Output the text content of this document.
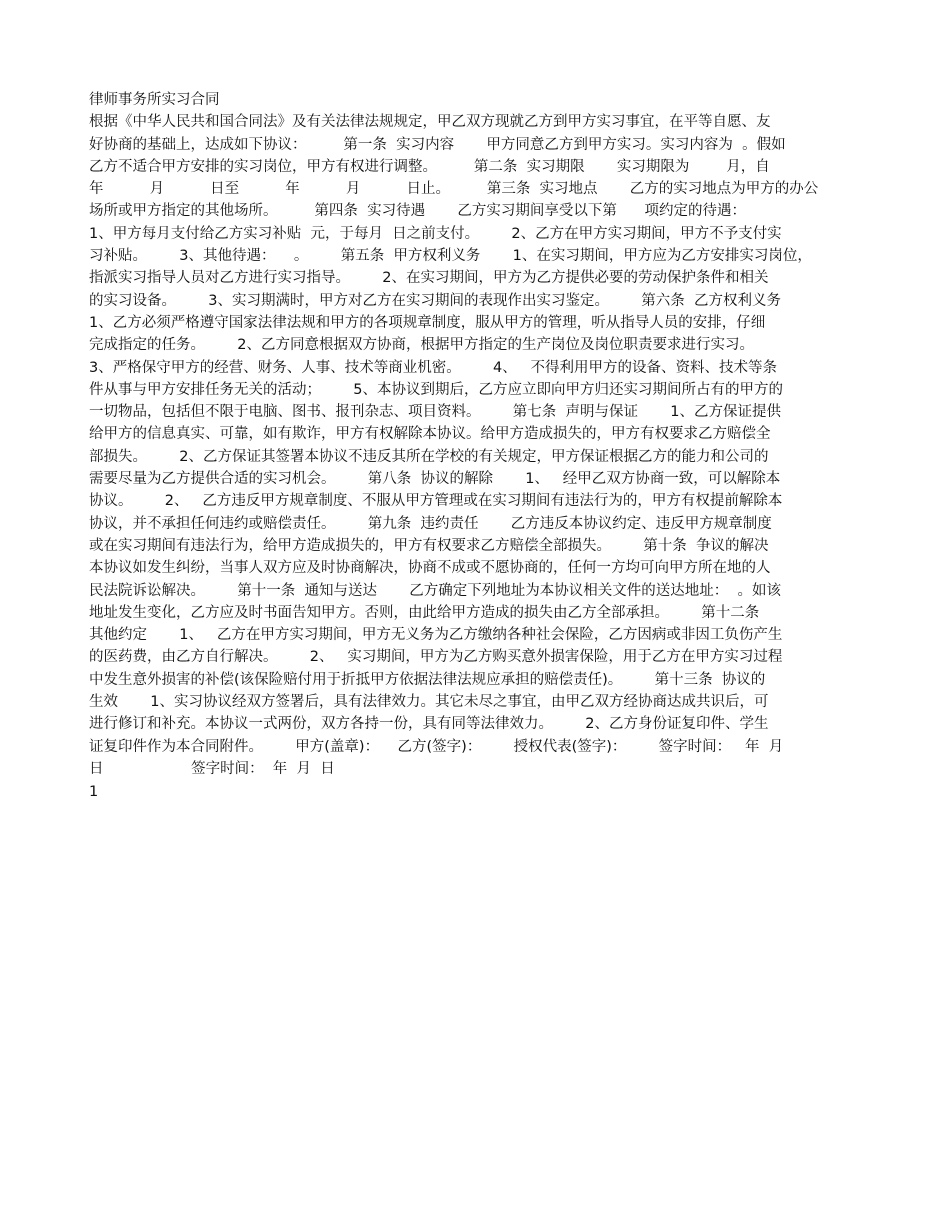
律师事务所实习合同
根据《中华人民共和国合同法》及有关法律法规规定，甲乙双方现就乙方到甲方实习事宜，在平等自愿、友
好协商的基础上，达成如下协议：        第一条  实习内容       甲方同意乙方到甲方实习。实习内容为  。假如
乙方不适合甲方安排的实习岗位，甲方有权进行调整。        第二条  实习期限       实习期限为        月，自
年          月          日至          年          月          日止。        第三条  实习地点       乙方的实习地点为甲方的办公
场所或甲方指定的其他场所。        第四条  实习待遇       乙方实习期间享受以下第      项约定的待遇：
1、甲方每月支付给乙方实习补贴  元，于每月  日之前支付。       2、乙方在甲方实习期间，甲方不予支付实
习补贴。       3、其他待遇：    。       第五条  甲方权利义务       1、在实习期间，甲方应为乙方安排实习岗位，
指派实习指导人员对乙方进行实习指导。       2、在实习期间，甲方为乙方提供必要的劳动保护条件和相关
的实习设备。       3、实习期满时，甲方对乙方在实习期间的表现作出实习鉴定。       第六条  乙方权利义务
1、乙方必须严格遵守国家法律法规和甲方的各项规章制度，服从甲方的管理，听从指导人员的安排，仔细
完成指定的任务。       2、乙方同意根据双方协商，根据甲方指定的生产岗位及岗位职责要求进行实习。
3、严格保守甲方的经营、财务、人事、技术等商业机密。       4、   不得利用甲方的设备、资料、技术等条
件从事与甲方安排任务无关的活动；       5、本协议到期后，乙方应立即向甲方归还实习期间所占有的甲方的
一切物品，包括但不限于电脑、图书、报刊杂志、项目资料。       第七条  声明与保证       1、乙方保证提供
给甲方的信息真实、可靠，如有欺诈，甲方有权解除本协议。给甲方造成损失的，甲方有权要求乙方赔偿全
部损失。       2、乙方保证其签署本协议不违反其所在学校的有关规定，甲方保证根据乙方的能力和公司的
需要尽量为乙方提供合适的实习机会。       第八条  协议的解除       1、   经甲乙双方协商一致，可以解除本
协议。       2、   乙方违反甲方规章制度、不服从甲方管理或在实习期间有违法行为的，甲方有权提前解除本
协议，并不承担任何违约或赔偿责任。       第九条  违约责任       乙方违反本协议约定、违反甲方规章制度
或在实习期间有违法行为，给甲方造成损失的，甲方有权要求乙方赔偿全部损失。       第十条  争议的解决
本协议如发生纠纷，当事人双方应及时协商解决，协商不成或不愿协商的，任何一方均可向甲方所在地的人
民法院诉讼解决。       第十一条  通知与送达       乙方确定下列地址为本协议相关文件的送达地址：  。如该
地址发生变化，乙方应及时书面告知甲方。否则，由此给甲方造成的损失由乙方全部承担。       第十二条
其他约定       1、   乙方在甲方实习期间，甲方无义务为乙方缴纳各种社会保险，乙方因病或非因工负伤产生
的医药费，由乙方自行解决。       2、   实习期间，甲方为乙方购买意外损害保险，用于乙方在甲方实习过程
中发生意外损害的补偿(该保险赔付用于折抵甲方依据法律法规应承担的赔偿责任)。       第十三条  协议的
生效       1、实习协议经双方签署后，具有法律效力。其它未尽之事宜，由甲乙双方经协商达成共识后，可
进行修订和补充。本协议一式两份，双方各持一份，具有同等法律效力。       2、乙方身份证复印件、学生
证复印件作为本合同附件。       甲方(盖章)：    乙方(签字)：       授权代表(签字)：       签字时间：   年  月
日                   签字时间：  年  月  日
1
